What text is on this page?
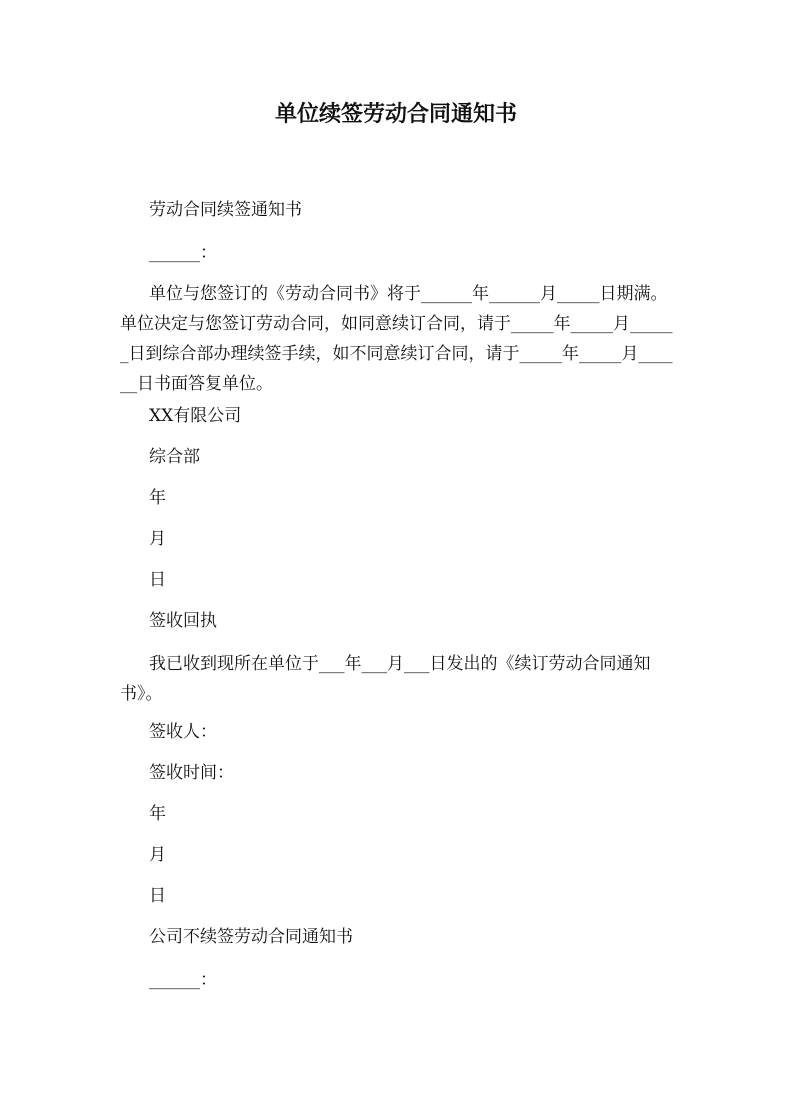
单位续签劳动合同通知书
劳动合同续签通知书
______：
单位与您签订的《劳动合同书》将于______年______月_____日期满。单位决定与您签订劳动合同，如同意续订合同，请于_____年_____月______日到综合部办理续签手续，如不同意续订合同，请于_____年_____月______日书面答复单位。
XX有限公司
综合部
年
月
日
签收回执
我已收到现所在单位于___年___月___日发出的《续订劳动合同通知书》。
签收人：
签收时间：
年
月
日
公司不续签劳动合同通知书
______：
